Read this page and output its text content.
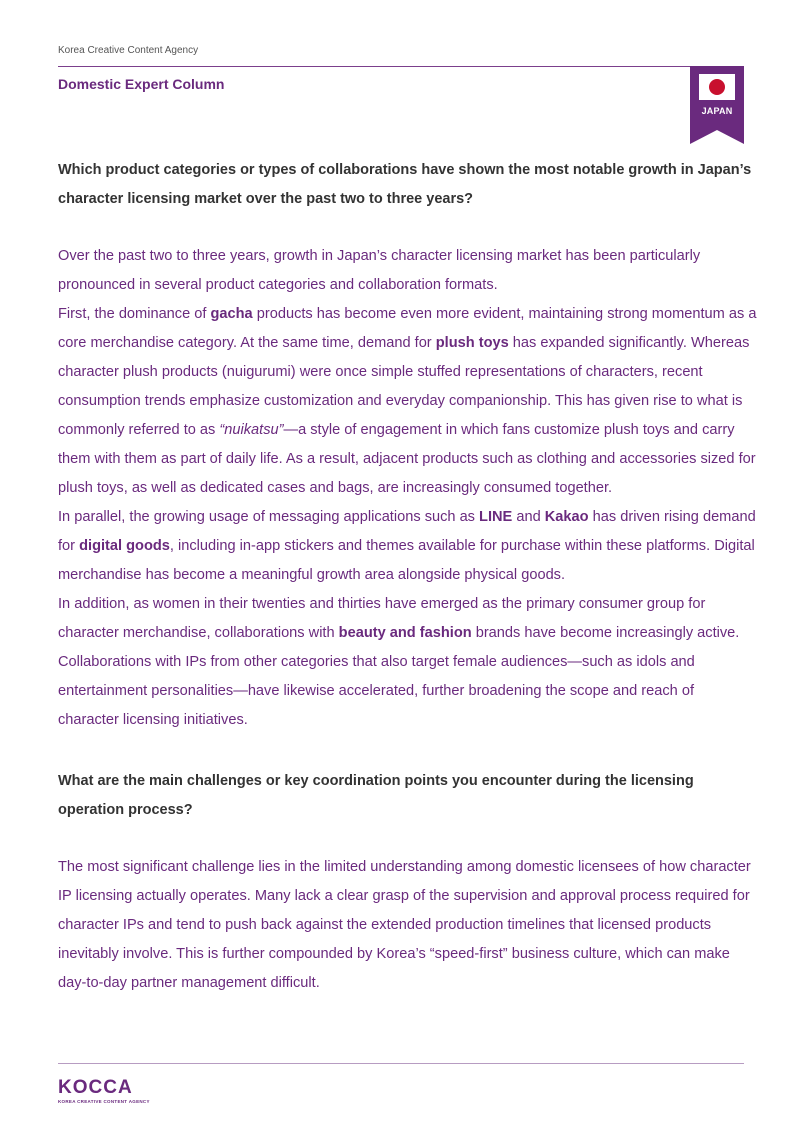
Korea Creative Content Agency
Domestic Expert Column
JAPAN

Which product categories or types of collaborations have shown the most notable growth in Japan’s character licensing market over the past two to three years?

Over the past two to three years, growth in Japan’s character licensing market has been particularly pronounced in several product categories and collaboration formats.

First, the dominance of gacha products has become even more evident, maintaining strong momentum as a core merchandise category. At the same time, demand for plush toys has expanded significantly. Whereas character plush products (nuigurumi) were once simple stuffed representations of characters, recent consumption trends emphasize customization and everyday companionship. This has given rise to what is commonly referred to as “nuikatsu”—a style of engagement in which fans customize plush toys and carry them with them as part of daily life. As a result, adjacent products such as clothing and accessories sized for plush toys, as well as dedicated cases and bags, are increasingly consumed together.

In parallel, the growing usage of messaging applications such as LINE and Kakao has driven rising demand for digital goods, including in-app stickers and themes available for purchase within these platforms. Digital merchandise has become a meaningful growth area alongside physical goods.

In addition, as women in their twenties and thirties have emerged as the primary consumer group for character merchandise, collaborations with beauty and fashion brands have become increasingly active. Collaborations with IPs from other categories that also target female audiences—such as idols and entertainment personalities—have likewise accelerated, further broadening the scope and reach of character licensing initiatives.

What are the main challenges or key coordination points you encounter during the licensing operation process?

The most significant challenge lies in the limited understanding among domestic licensees of how character IP licensing actually operates. Many lack a clear grasp of the supervision and approval process required for character IPs and tend to push back against the extended production timelines that licensed products inevitably involve. This is further compounded by Korea’s “speed-first” business culture, which can make day-to-day partner management difficult.

KOCCA
KOREA CREATIVE CONTENT AGENCY
